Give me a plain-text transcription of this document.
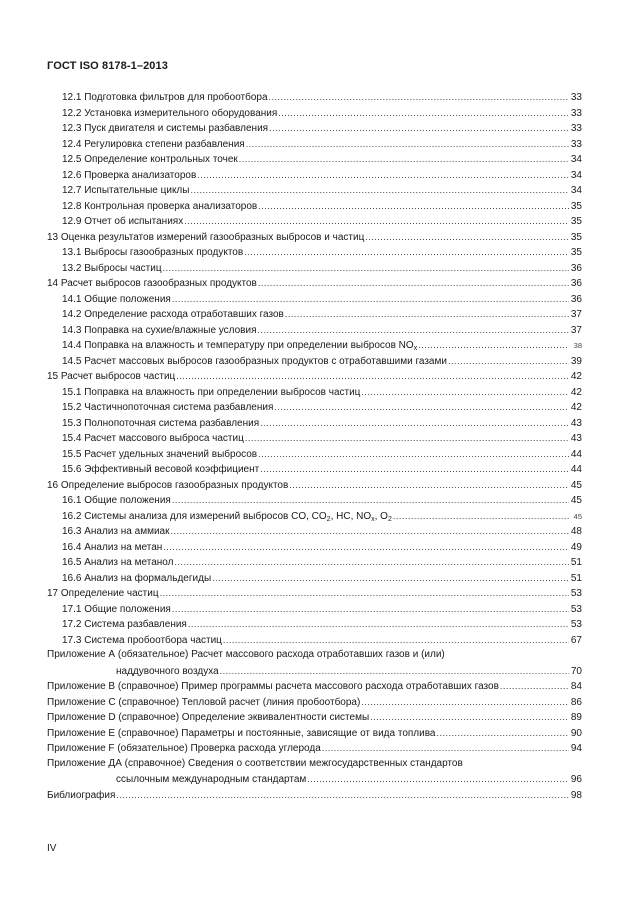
ГОСТ ISO 8178-1–2013
12.1 Подготовка фильтров для пробоотбора .....	33
12.2 Установка измерительного оборудования .....	33
12.3 Пуск двигателя и системы разбавления .....	33
12.4 Регулировка степени разбавления .....	33
12.5 Определение контрольных точек .....	34
12.6 Проверка анализаторов .....	34
12.7 Испытательные циклы .....	34
12.8 Контрольная проверка анализаторов .....	35
12.9 Отчет об испытаниях .....	35
13 Оценка результатов измерений газообразных выбросов и частиц .....	35
13.1 Выбросы газообразных продуктов .....	35
13.2 Выбросы частиц .....	36
14 Расчет выбросов газообразных продуктов .....	36
14.1 Общие положения .....	36
14.2 Определение расхода отработавших газов .....	37
14.3 Поправка на сухие/влажные условия .....	37
14.4 Поправка на влажность и температуру при определении выбросов $NO_x$ .....	38
14.5 Расчет массовых выбросов газообразных продуктов с отработавшими газами .....	39
15 Расчет выбросов частиц .....	42
15.1 Поправка на влажность при определении выбросов частиц .....	42
15.2 Частичнопоточная система разбавления .....	42
15.3 Полнопоточная система разбавления .....	43
15.4 Расчет массового выброса частиц .....	43
15.5 Расчет удельных значений выбросов .....	44
15.6 Эффективный весовой коэффициент .....	44
16 Определение выбросов газообразных продуктов .....	45
16.1 Общие положения .....	45
16.2 Системы анализа для измерений выбросов CO, $CO_2$, HC, $NO_x$, $O_2$ .....	45
16.3 Анализ на аммиак .....	48
16.4 Анализ на метан .....	49
16.5 Анализ на метанол .....	51
16.6 Анализ на формальдегиды .....	51
17 Определение частиц .....	53
17.1 Общие положения .....	53
17.2 Система разбавления .....	53
17.3 Система пробоотбора частиц .....	67
Приложение А (обязательное) Расчет массового расхода отработавших газов и (или)
наддувочного воздуха .....	70
Приложение В (справочное) Пример программы расчета массового расхода отработавших газов .....	84
Приложение С (справочное) Тепловой расчет (линия пробоотбора) .....	86
Приложение D (справочное) Определение эквивалентности системы .....	89
Приложение Е (справочное) Параметры и постоянные, зависящие от вида топлива .....	90
Приложение F (обязательное) Проверка расхода углерода .....	94
Приложение ДА (справочное) Сведения о соответствии межгосударственных стандартов
ссылочным международным стандартам .....	96
Библиография .....	98
IV
